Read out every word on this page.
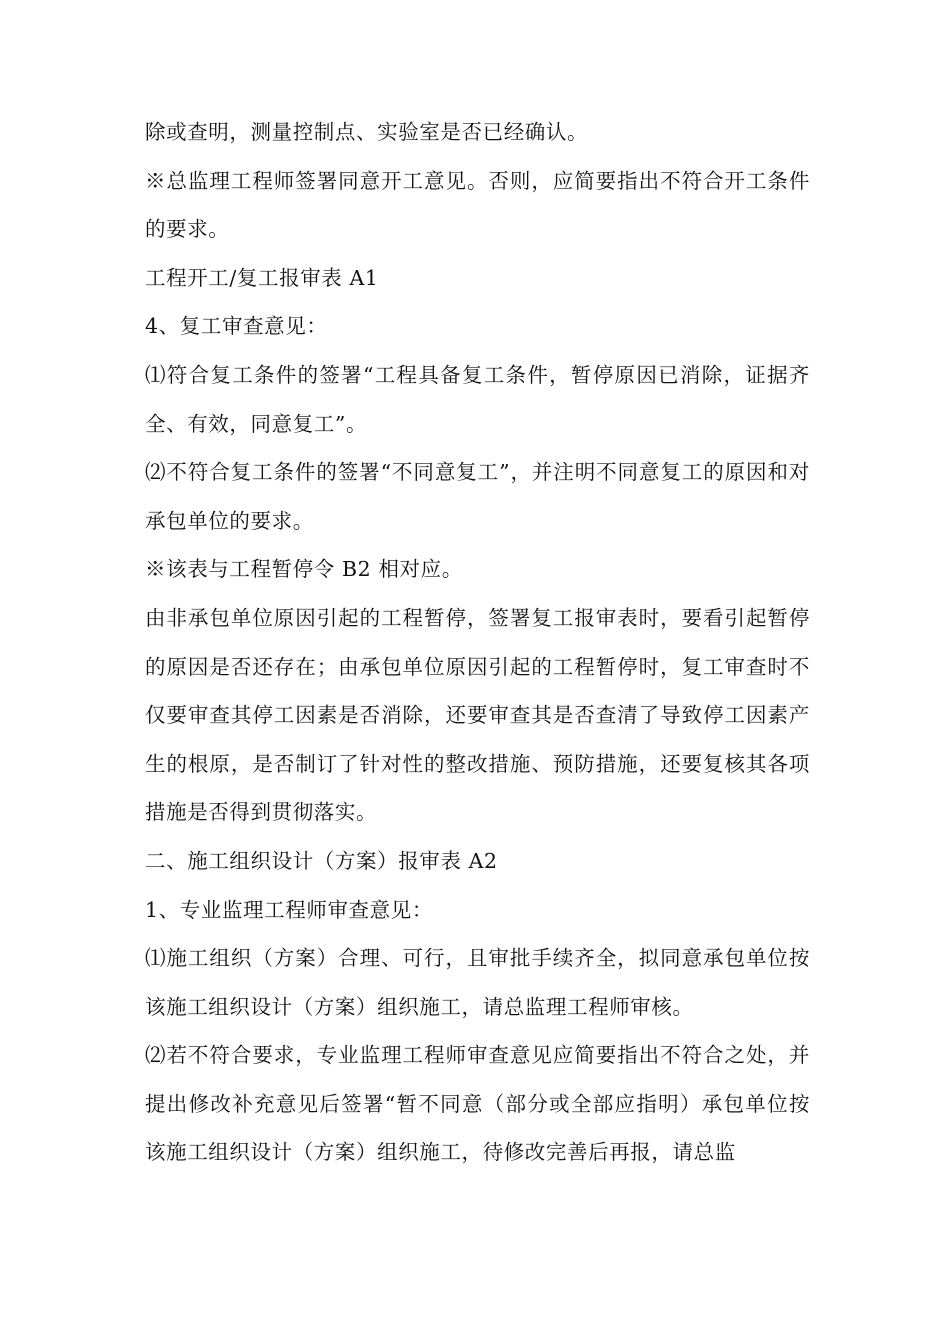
除或查明，测量控制点、实验室是否已经确认。

※总监理工程师签署同意开工意见。否则，应简要指出不符合开工条件的要求。

工程开工/复工报审表 A1

4、复工审查意见：

⑴符合复工条件的签署“工程具备复工条件，暂停原因已消除，证据齐全、有效，同意复工”。

⑵不符合复工条件的签署“不同意复工”，并注明不同意复工的原因和对承包单位的要求。

※该表与工程暂停令 B2 相对应。

由非承包单位原因引起的工程暂停，签署复工报审表时，要看引起暂停的原因是否还存在；由承包单位原因引起的工程暂停时，复工审查时不仅要审查其停工因素是否消除，还要审查其是否查清了导致停工因素产生的根原，是否制订了针对性的整改措施、预防措施，还要复核其各项措施是否得到贯彻落实。

二、施工组织设计（方案）报审表 A2

1、专业监理工程师审查意见：

⑴施工组织（方案）合理、可行，且审批手续齐全，拟同意承包单位按该施工组织设计（方案）组织施工，请总监理工程师审核。

⑵若不符合要求，专业监理工程师审查意见应简要指出不符合之处，并提出修改补充意见后签署“暂不同意（部分或全部应指明）承包单位按该施工组织设计（方案）组织施工，待修改完善后再报，请总监
